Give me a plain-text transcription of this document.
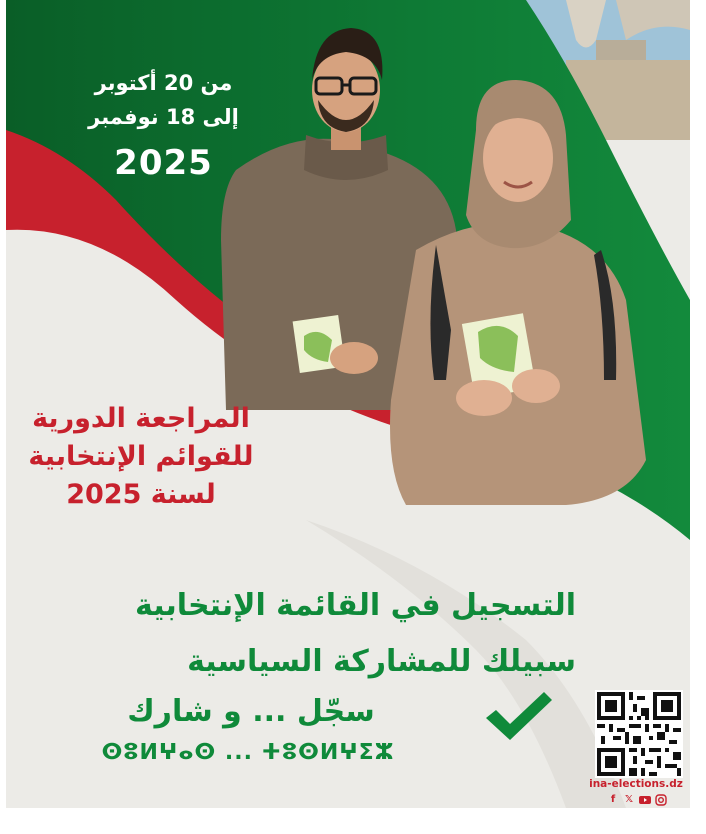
من 20 أكتوبر
إلى 18 نوفمبر
2025
المراجعة الدورية
للقوائم الإنتخابية
لسنة 2025
التسجيل في القائمة الإنتخابية
سبيلك للمشاركة السياسية
سجّل ... و شارك
ⵙⵓⵍⵖⴰⵙ ... ⵜⵓⵙⵍⵖⵉⵣ
ina-elections.dz
f 𝕏
